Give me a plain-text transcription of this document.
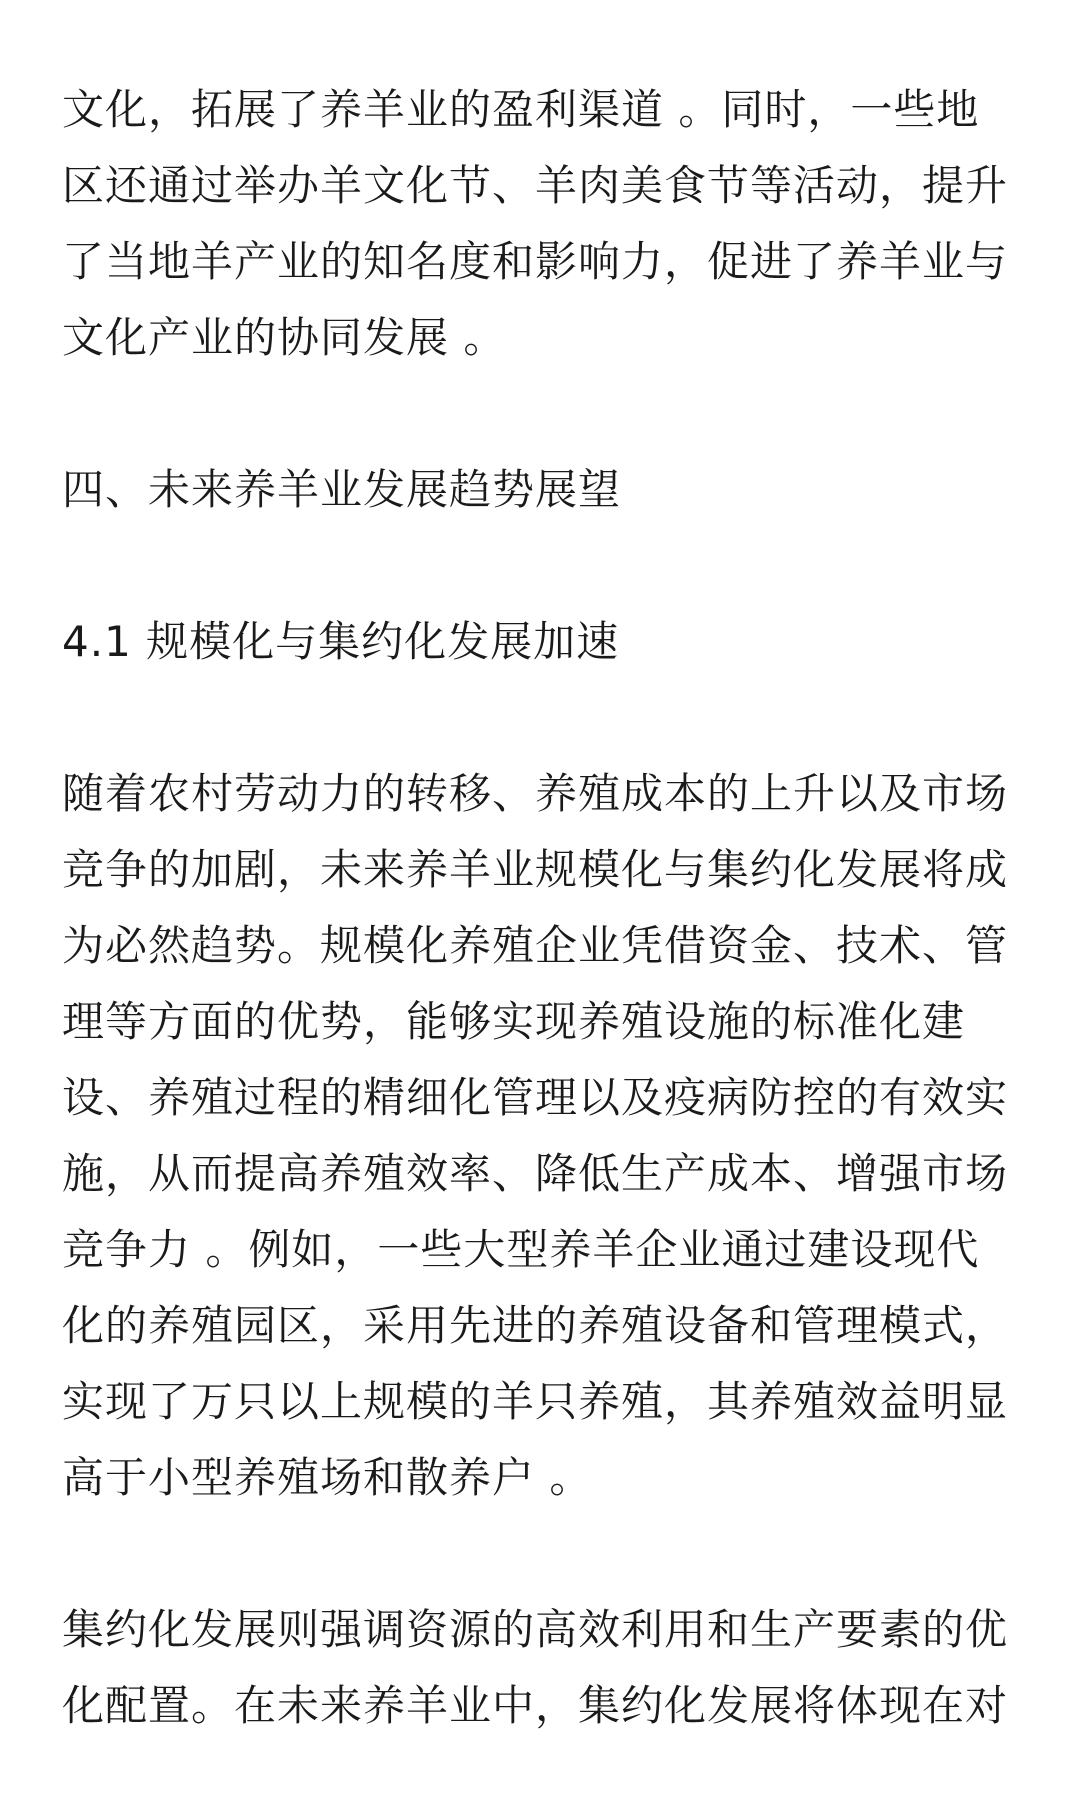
文化，拓展了养羊业的盈利渠道 。同时，一些地
区还通过举办羊文化节、羊肉美食节等活动，提升
了当地羊产业的知名度和影响力，促进了养羊业与
文化产业的协同发展 。

四、未来养羊业发展趋势展望

4.1 规模化与集约化发展加速

随着农村劳动力的转移、养殖成本的上升以及市场
竞争的加剧，未来养羊业规模化与集约化发展将成
为必然趋势。规模化养殖企业凭借资金、技术、管
理等方面的优势，能够实现养殖设施的标准化建
设、养殖过程的精细化管理以及疫病防控的有效实
施，从而提高养殖效率、降低生产成本、增强市场
竞争力 。例如，一些大型养羊企业通过建设现代
化的养殖园区，采用先进的养殖设备和管理模式，
实现了万只以上规模的羊只养殖，其养殖效益明显
高于小型养殖场和散养户 。

集约化发展则强调资源的高效利用和生产要素的优
化配置。在未来养羊业中，集约化发展将体现在对
